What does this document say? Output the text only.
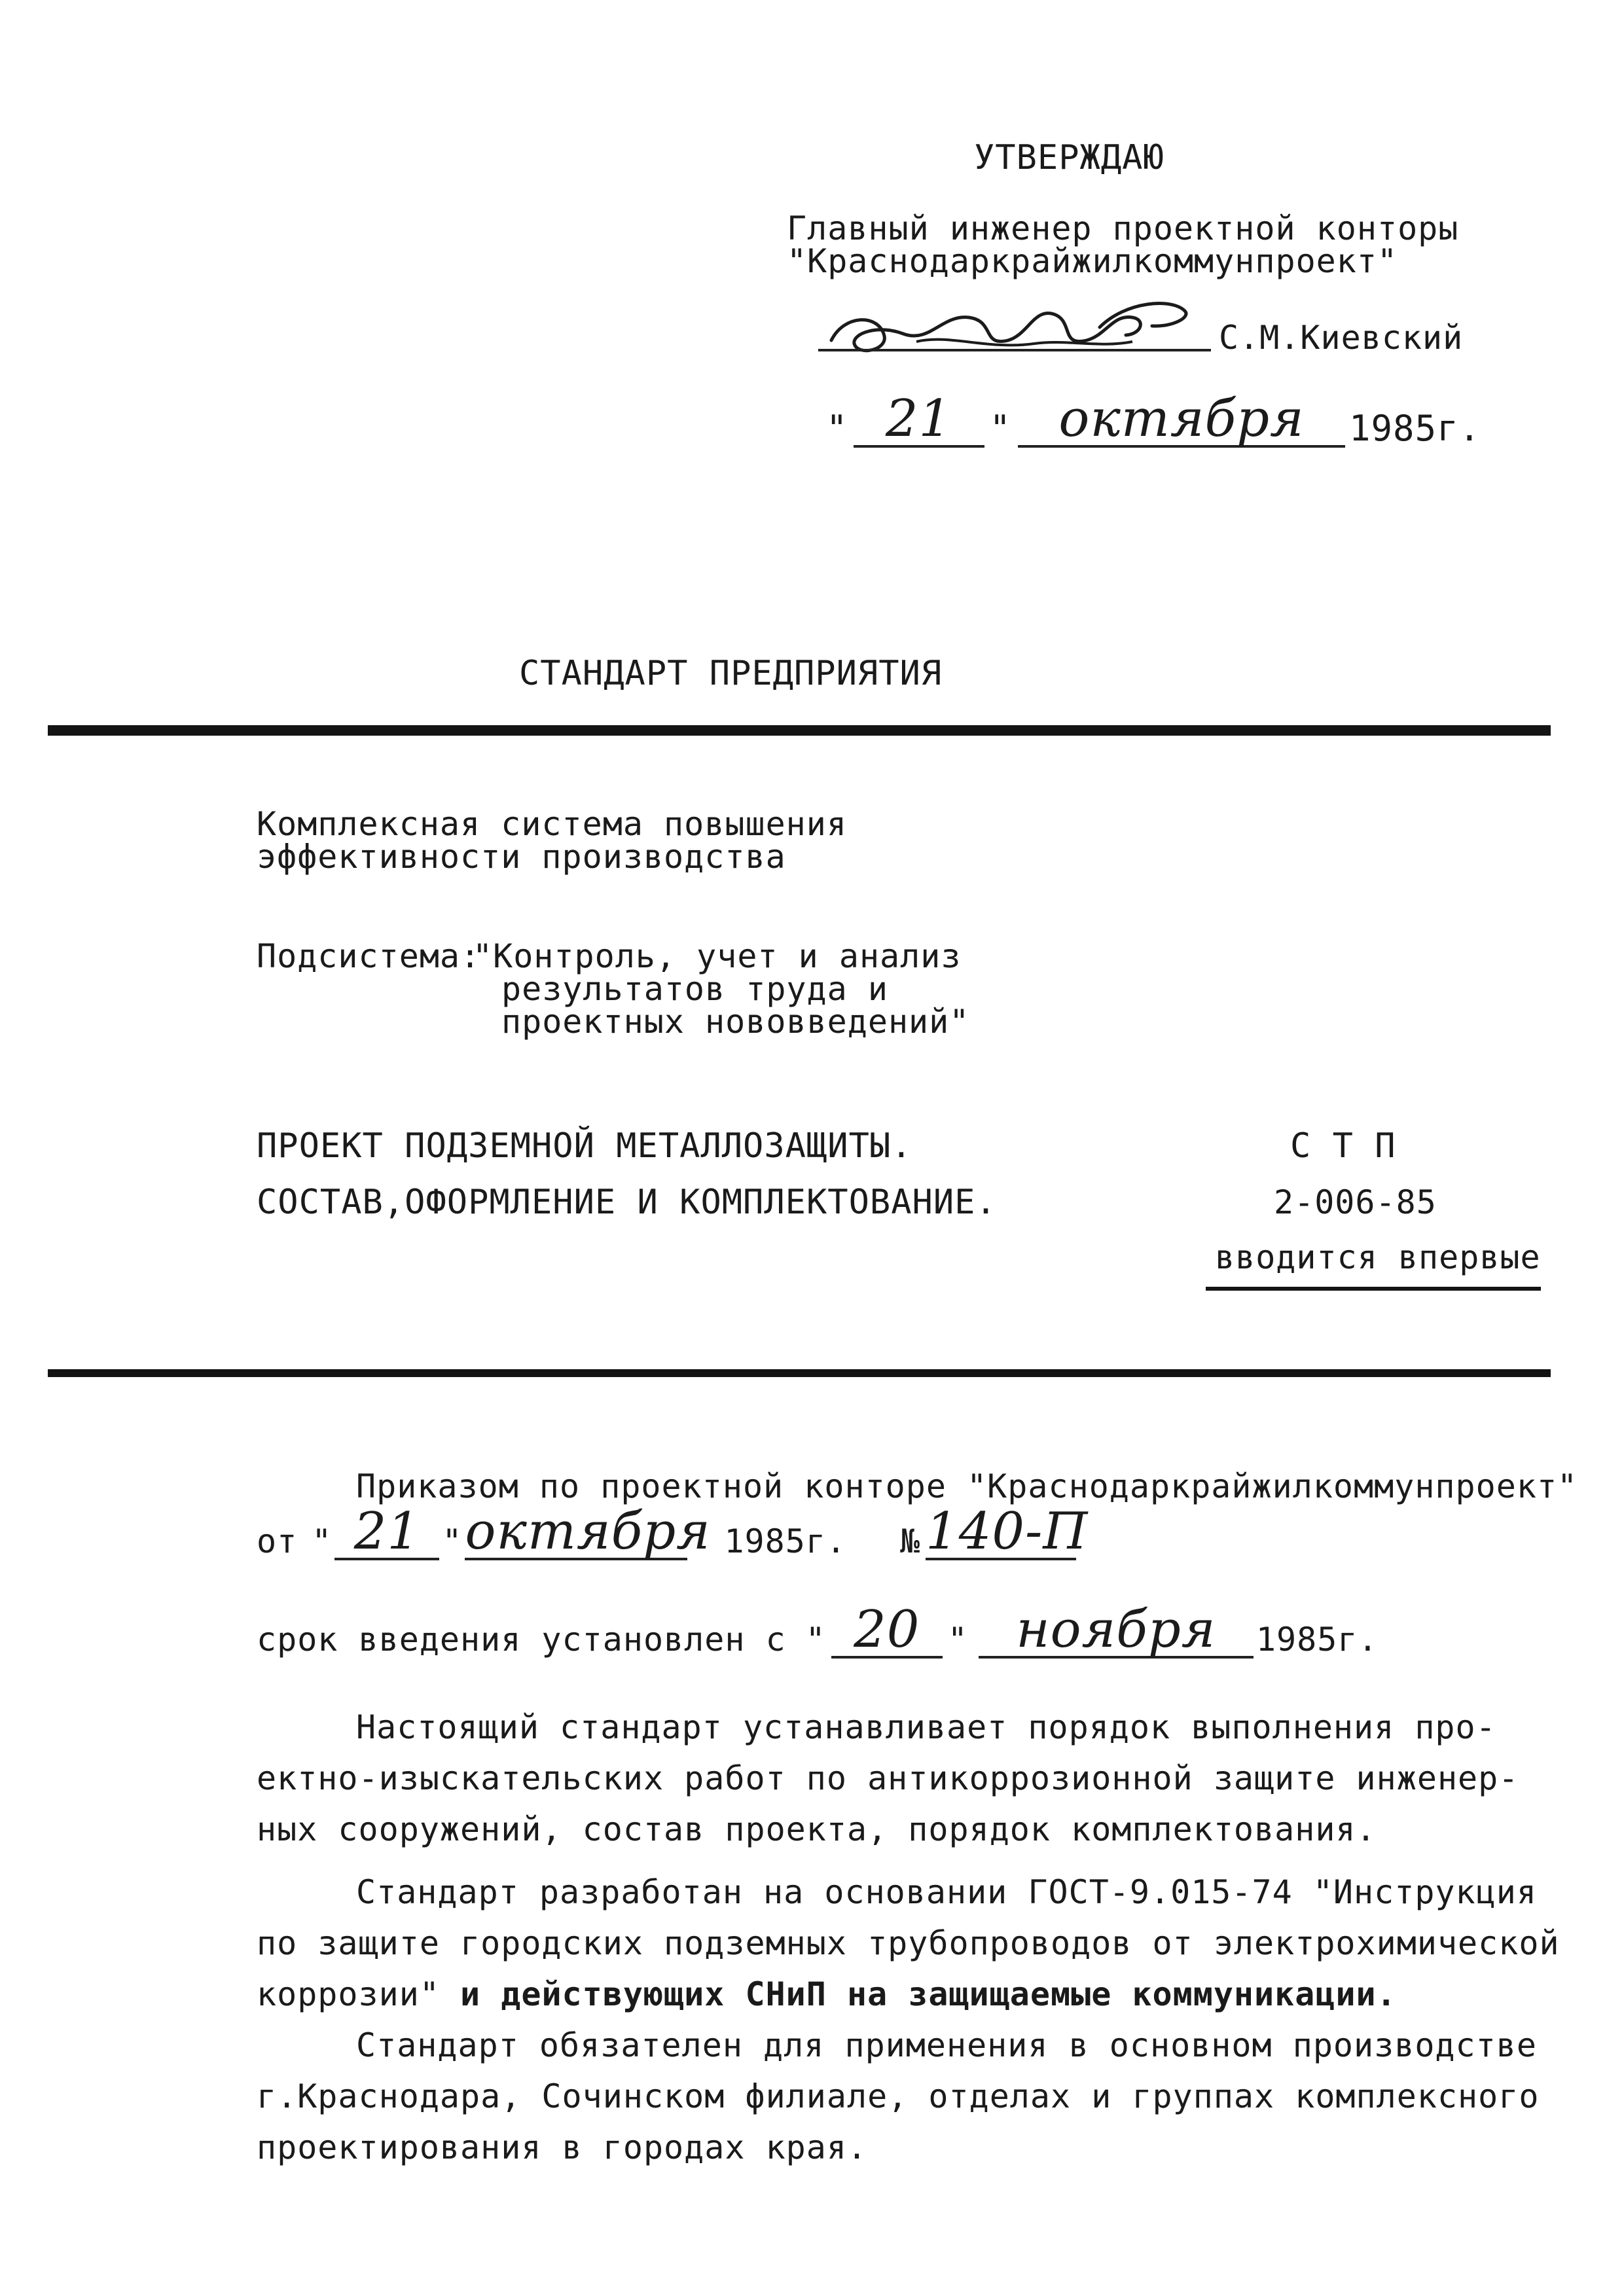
УТВЕРЖДАЮ
Главный инженер проектной конторы
"Краснодаркрайжилкоммунпроект"
С.М.Киевский
" 21	" октября	1985г.
СТАНДАРТ ПРЕДПРИЯТИЯ
Комплексная система повышения
эффективности производства
Подсистема:
"Контроль, учет и анализ
результатов труда и
проектных нововведений"
ПРОЕКТ ПОДЗЕМНОЙ МЕТАЛЛОЗАЩИТЫ.
СОСТАВ,ОФОРМЛЕНИЕ И КОМПЛЕКТОВАНИЕ.
С Т П
2-006-85
вводится впервые
Приказом по проектной конторе "Краснодаркрайжилкоммунпроект"
от " 21 " октября 1985г. № 140-П
срок введения установлен с " 20 " ноября	1985г.
Настоящий стандарт устанавливает порядок выполнения про-
ектно-изыскательских работ по антикоррозионной защите инженер-
ных сооружений, состав проекта, порядок комплектования.
Стандарт разработан на основании ГОСТ-9.015-74 "Инструкция
по защите городских подземных трубопроводов от электрохимической
коррозии" и действующих СНиП на защищаемые коммуникации.
Стандарт обязателен для применения в основном производстве
г.Краснодара, Сочинском филиале, отделах и группах комплексного
проектирования в городах края.
